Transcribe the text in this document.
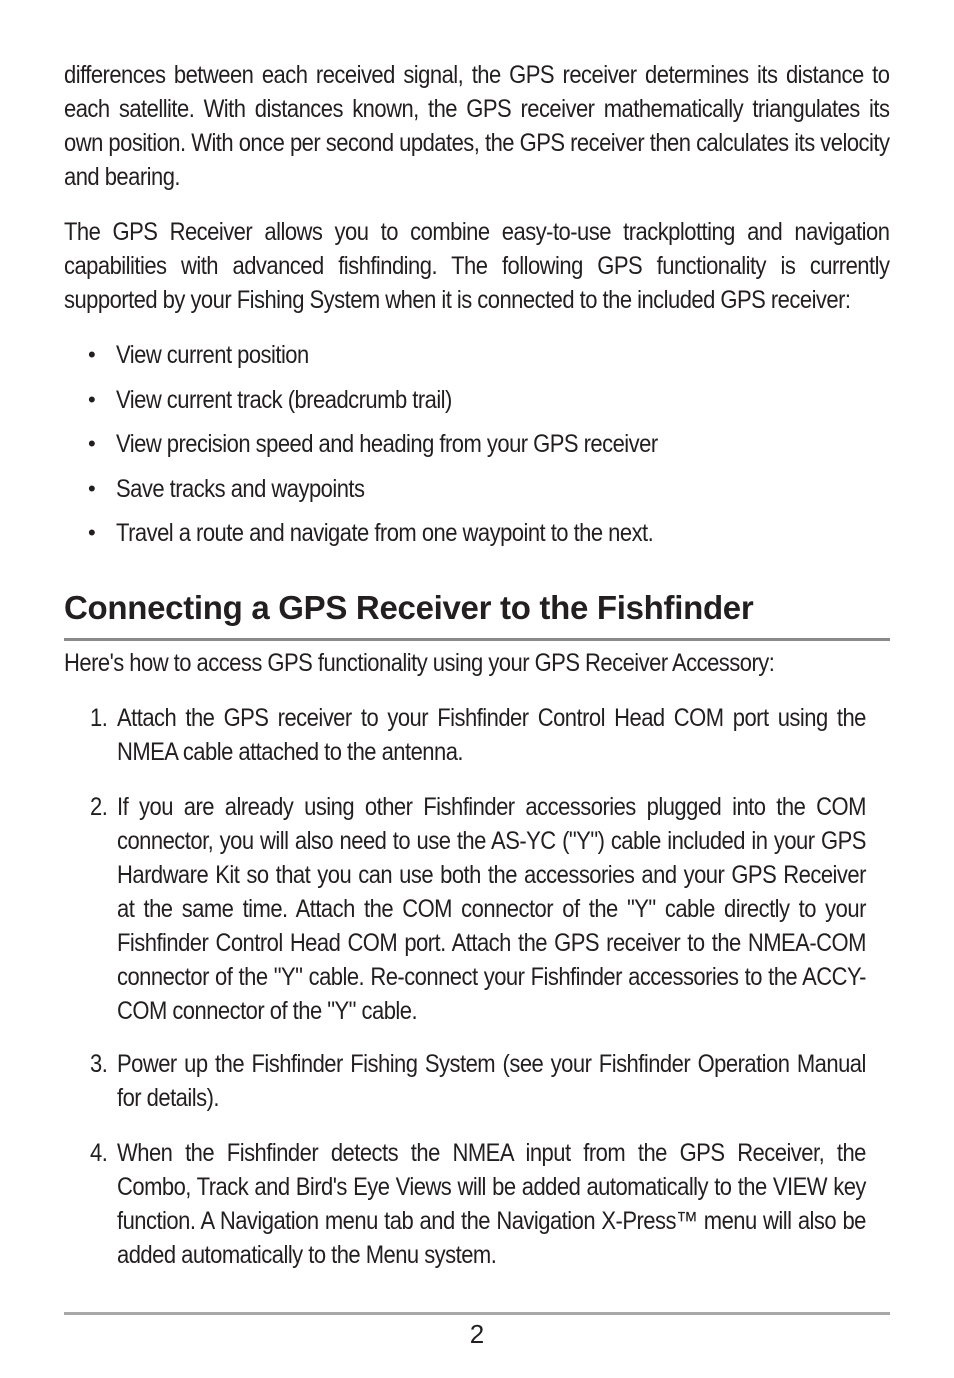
differences between each received signal, the GPS receiver determines its distance to each satellite. With distances known, the GPS receiver mathematically triangulates its own position. With once per second updates, the GPS receiver then calculates its velocity and bearing.

The GPS Receiver allows you to combine easy-to-use trackplotting and navigation capabilities with advanced fishfinding. The following GPS functionality is currently supported by your Fishing System when it is connected to the included GPS receiver:

• View current position
• View current track (breadcrumb trail)
• View precision speed and heading from your GPS receiver
• Save tracks and waypoints
• Travel a route and navigate from one waypoint to the next.
Connecting a GPS Receiver to the Fishfinder

Here's how to access GPS functionality using your GPS Receiver Accessory:

1. Attach the GPS receiver to your Fishfinder Control Head COM port using the NMEA cable attached to the antenna.
2. If you are already using other Fishfinder accessories plugged into the COM connector, you will also need to use the AS-YC ("Y") cable included in your GPS Hardware Kit so that you can use both the accessories and your GPS Receiver at the same time. Attach the COM connector of the "Y" cable directly to your Fishfinder Control Head COM port. Attach the GPS receiver to the NMEA-COM connector of the "Y" cable. Re-connect your Fishfinder accessories to the ACCY-COM connector of the "Y" cable.
3. Power up the Fishfinder Fishing System (see your Fishfinder Operation Manual for details).
4. When the Fishfinder detects the NMEA input from the GPS Receiver, the Combo, Track and Bird's Eye Views will be added automatically to the VIEW key function. A Navigation menu tab and the Navigation X-Press™ menu will also be added automatically to the Menu system.
2
